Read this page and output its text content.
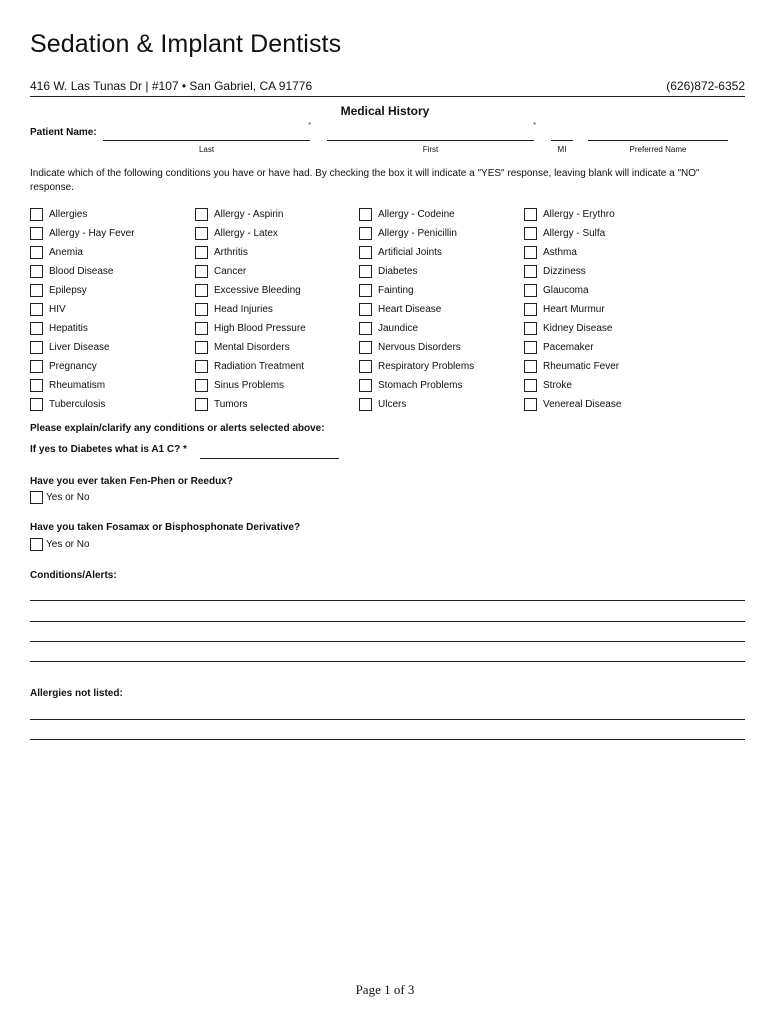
Sedation & Implant Dentists
416 W. Las Tunas Dr | #107 • San Gabriel, CA 91776	(626)872-6352
Medical History
Patient Name:
*
Last
*
First	MI	Preferred Name
Indicate which of the following conditions you have or have had. By checking the box it will indicate a "YES" response, leaving blank will indicate a "NO" response.
Allergies	Allergy - Aspirin	Allergy - Codeine	Allergy - Erythro
Allergy - Hay Fever	Allergy - Latex	Allergy - Penicillin	Allergy - Sulfa
Anemia	Arthritis	Artificial Joints	Asthma
Blood Disease	Cancer	Diabetes	Dizziness
Epilepsy	Excessive Bleeding	Fainting	Glaucoma
HIV	Head Injuries	Heart Disease	Heart Murmur
Hepatitis	High Blood Pressure	Jaundice	Kidney Disease
Liver Disease	Mental Disorders	Nervous Disorders	Pacemaker
Pregnancy	Radiation Treatment	Respiratory Problems	Rheumatic Fever
Rheumatism	Sinus Problems	Stomach Problems	Stroke
Tuberculosis	Tumors	Ulcers	Venereal Disease
Please explain/clarify any conditions or alerts selected above:
If yes to Diabetes what is A1 C? *
Have you ever taken Fen-Phen or Reedux?
Yes or No
Have you taken Fosamax or Bisphosphonate Derivative?
Yes or No
Conditions/Alerts:
Allergies not listed:
Page 1 of 3
